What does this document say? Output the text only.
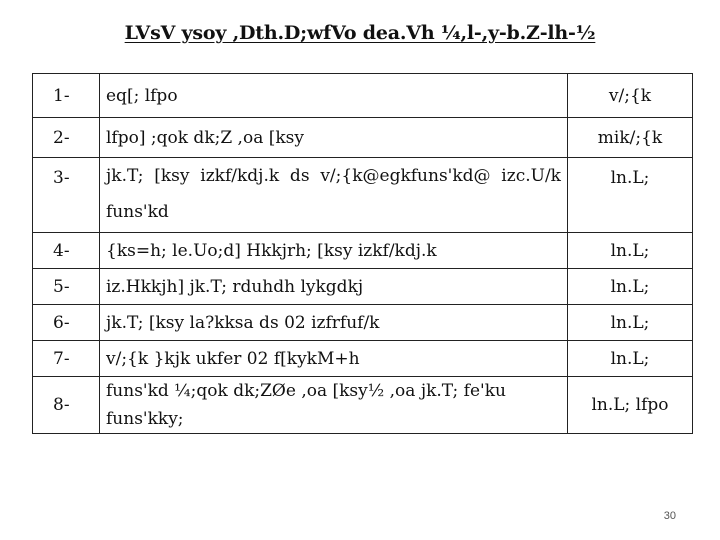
LVsV ysoy ,Dth.D;wfVo dea.Vh ¼,l-,y-b.Z-lh-½
1-	eq[; lfpo	v/;{k
2-	lfpo] ;qok dk;Z ,oa [ksy	mik/;{k
3-	jk.T; [ksy izkf/kdj.k ds v/;{k@egkfuns'kd@ izc.U/k funs'kd	ln.L;
4-	{ks=h; le.Uo;d] Hkkjrh; [ksy izkf/kdj.k	ln.L;
5-	iz.Hkkjh] jk.T; rduhdh lykgdkj	ln.L;
6-	jk.T; [ksy la?kksa ds 02 izfrfuf/k	ln.L;
7-	v/;{k }kjk ukfer 02 f[kykM+h	ln.L;
8-	funs'kd ¼;qok dk;ZØe ,oa [ksy½ ,oa jk.T; fe'ku funs'kky;	ln.L; lfpo
30
